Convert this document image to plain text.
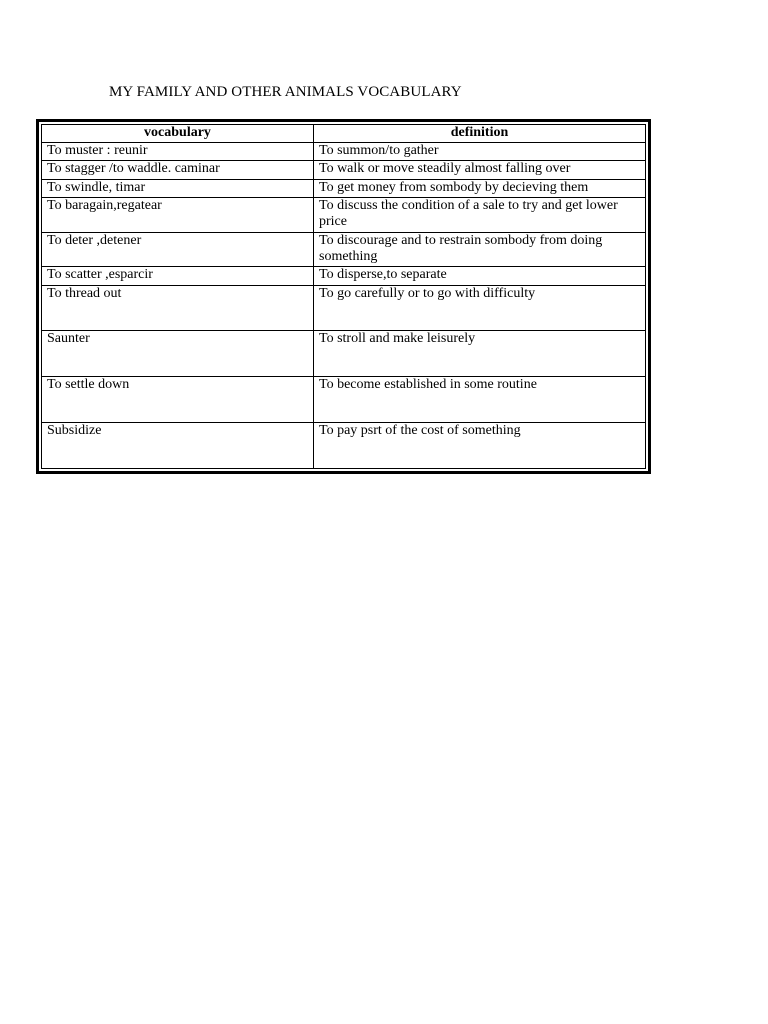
MY FAMILY AND OTHER ANIMALS VOCABULARY
vocabulary	definition
To muster : reunir	To summon/to gather
To stagger /to waddle. caminar	To walk or move steadily almost falling over
To swindle, timar	To get money from sombody by decieving them
To baragain,regatear	To discuss the condition of a sale to try and get lower price
To deter ,detener	To discourage and to restrain sombody from doing something
To scatter ,esparcir	To disperse,to separate
To thread out	To go carefully or to go with difficulty
Saunter	To stroll and make leisurely
To settle down	To become established in some routine
Subsidize	To pay psrt of the cost of something
